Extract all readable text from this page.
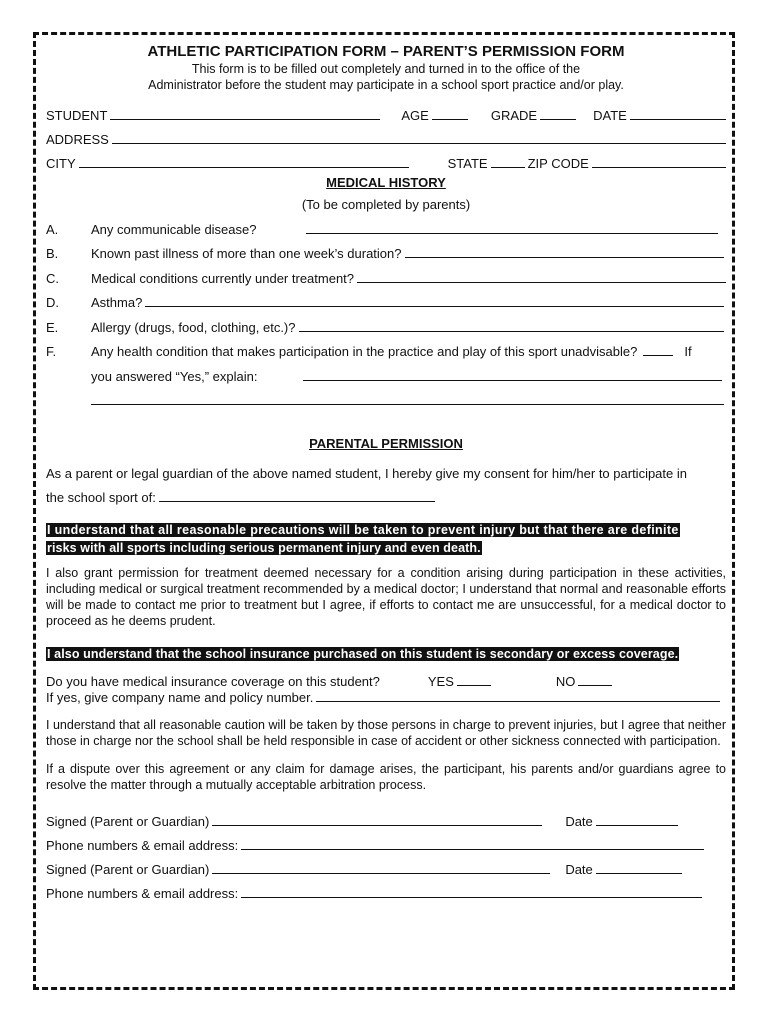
ATHLETIC PARTICIPATION FORM – PARENT’S PERMISSION FORM
This form is to be filled out completely and turned in to the office of the
Administrator before the student may participate in a school sport practice and/or play.
STUDENT	AGE	GRADE	DATE
ADDRESS
CITY	STATE	ZIP CODE
MEDICAL HISTORY
(To be completed by parents)
A.	Any communicable disease?
B.	Known past illness of more than one week’s duration?
C.	Medical conditions currently under treatment?
D.	Asthma?
E.	Allergy (drugs, food, clothing, etc.)?
F.	Any health condition that makes participation in the practice and play of this sport unadvisable?	If
you answered “Yes,” explain:
PARENTAL PERMISSION
As a parent or legal guardian of the above named student, I hereby give my consent for him/her to participate in
the school sport of:
I understand that all reasonable precautions will be taken to prevent injury but that there are definite
risks with all sports including serious permanent injury and even death.
I also grant permission for treatment deemed necessary for a condition arising during participation in these activities, including medical or surgical treatment recommended by a medical doctor; I understand that normal and reasonable efforts will be made to contact me prior to treatment but I agree, if efforts to contact me are unsuccessful, for a medical doctor to proceed as he deems prudent.
I also understand that the school insurance purchased on this student is secondary or excess coverage.
Do you have medical insurance coverage on this student?	YES	NO
If yes, give company name and policy number.
I understand that all reasonable caution will be taken by those persons in charge to prevent injuries, but I agree that neither those in charge nor the school shall be held responsible in case of accident or other sickness connected with participation.
If a dispute over this agreement or any claim for damage arises, the participant, his parents and/or guardians agree to resolve the matter through a mutually acceptable arbitration process.
Signed (Parent or Guardian)	Date
Phone numbers & email address:
Signed (Parent or Guardian)	Date
Phone numbers & email address:
